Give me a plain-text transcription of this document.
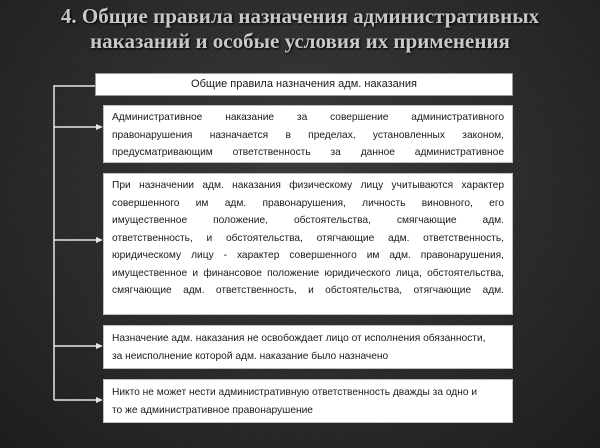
4. Общие правила назначения административных
наказаний и особые условия их применения
Общие правила назначения адм. наказания
Административное наказание за совершение административного
правонарушения назначается в пределах, установленных законом,
предусматривающим ответственность за данное административное
При назначении адм. наказания физическому лицу учитываются характер
совершенного им адм. правонарушения, личность виновного, его
имущественное положение, обстоятельства, смягчающие адм.
ответственность, и обстоятельства, отягчающие адм. ответственность,
юридическому лицу - характер совершенного им адм. правонарушения,
имущественное и финансовое положение юридического лица, обстоятельства,
смягчающие адм. ответственность, и обстоятельства, отягчающие адм.
Назначение адм. наказания не освобождает лицо от исполнения обязанности,
за неисполнение которой адм. наказание было назначено
Никто не может нести административную ответственность дважды за одно и
то же административное правонарушение
